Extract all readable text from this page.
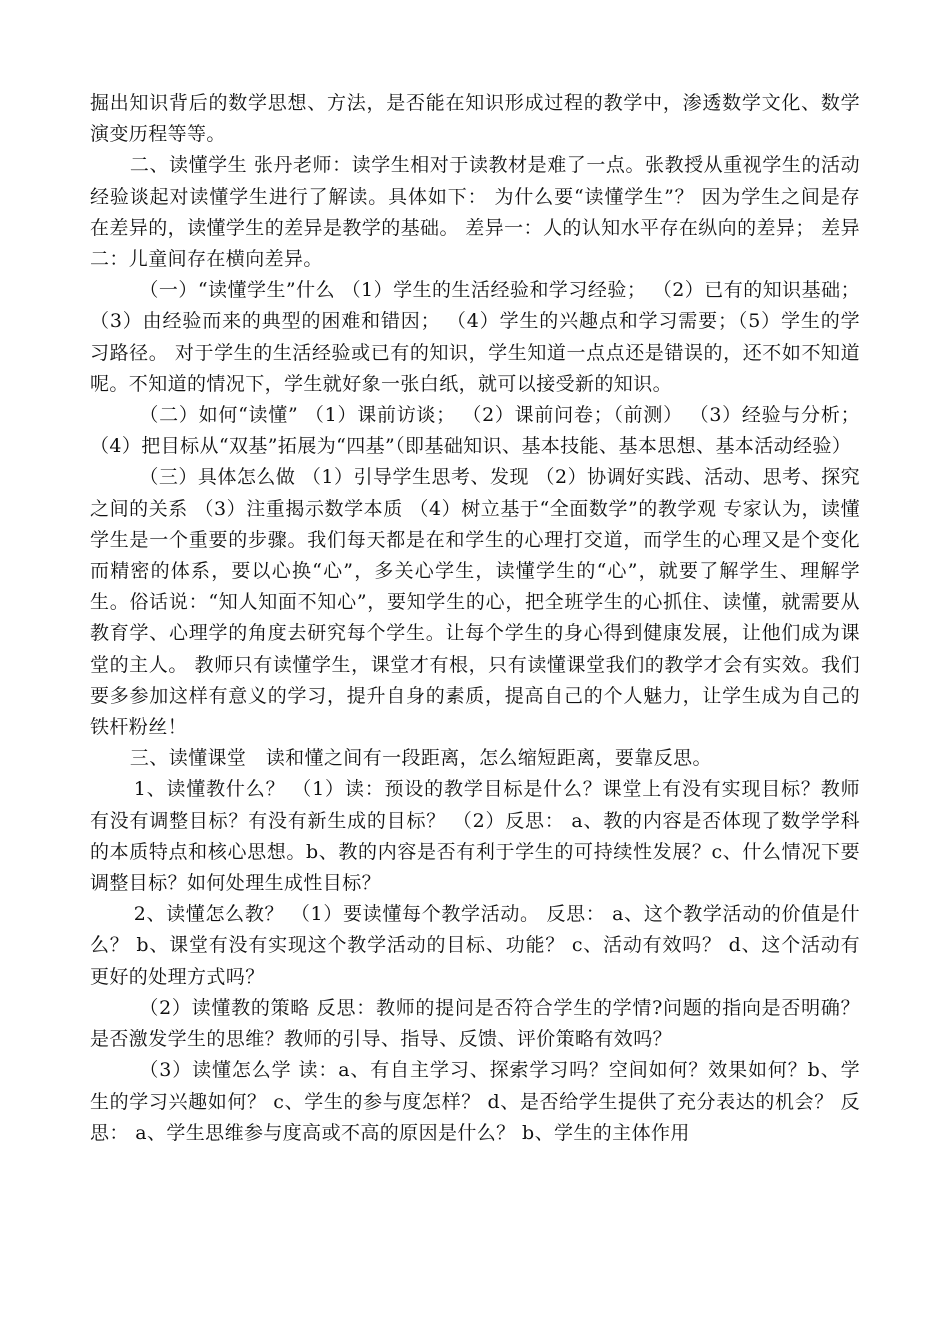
掘出知识背后的数学思想、方法，是否能在知识形成过程的教学中，渗透数学文化、数学演变历程等等。

二、读懂学生 张丹老师：读学生相对于读教材是难了一点。张教授从重视学生的活动经验谈起对读懂学生进行了解读。具体如下： 为什么要“读懂学生”？ 因为学生之间是存在差异的，读懂学生的差异是教学的基础。 差异一：人的认知水平存在纵向的差异； 差异二：儿童间存在横向差异。

（一）“读懂学生”什么 （1）学生的生活经验和学习经验； （2）已有的知识基础； （3）由经验而来的典型的困难和错因； （4）学生的兴趣点和学习需要；（5）学生的学习路径。 对于学生的生活经验或已有的知识，学生知道一点点还是错误的，还不如不知道呢。不知道的情况下，学生就好象一张白纸，就可以接受新的知识。

（二）如何“读懂” （1）课前访谈； （2）课前问卷；（前测） （3）经验与分析； （4）把目标从“双基”拓展为“四基”（即基础知识、基本技能、基本思想、基本活动经验）

（三）具体怎么做 （1）引导学生思考、发现 （2）协调好实践、活动、思考、探究之间的关系 （3）注重揭示数学本质 （4）树立基于“全面数学”的教学观 专家认为，读懂学生是一个重要的步骤。我们每天都是在和学生的心理打交道，而学生的心理又是个变化而精密的体系，要以心换“心”，多关心学生，读懂学生的“心”，就要了解学生、理解学生。俗话说：“知人知面不知心”，要知学生的心，把全班学生的心抓住、读懂，就需要从教育学、心理学的角度去研究每个学生。让每个学生的身心得到健康发展，让他们成为课堂的主人。 教师只有读懂学生，课堂才有根，只有读懂课堂我们的教学才会有实效。我们要多参加这样有意义的学习，提升自身的素质，提高自己的个人魅力，让学生成为自己的铁杆粉丝！

三、读懂课堂　读和懂之间有一段距离，怎么缩短距离，要靠反思。

1、读懂教什么？ （1）读：预设的教学目标是什么？课堂上有没有实现目标？教师有没有调整目标？有没有新生成的目标？ （2）反思： a、教的内容是否体现了数学学科的本质特点和核心思想。b、教的内容是否有利于学生的可持续性发展？c、什么情况下要调整目标？如何处理生成性目标？

2、读懂怎么教？ （1）要读懂每个教学活动。 反思： a、这个教学活动的价值是什么？ b、课堂有没有实现这个教学活动的目标、功能？ c、活动有效吗？ d、这个活动有更好的处理方式吗？

（2）读懂教的策略 反思：教师的提问是否符合学生的学情?问题的指向是否明确？是否激发学生的思维？教师的引导、指导、反馈、评价策略有效吗？

（3）读懂怎么学 读：a、有自主学习、探索学习吗？空间如何？效果如何？b、学生的学习兴趣如何？ c、学生的参与度怎样？ d、是否给学生提供了充分表达的机会？ 反思： a、学生思维参与度高或不高的原因是什么？ b、学生的主体作用
